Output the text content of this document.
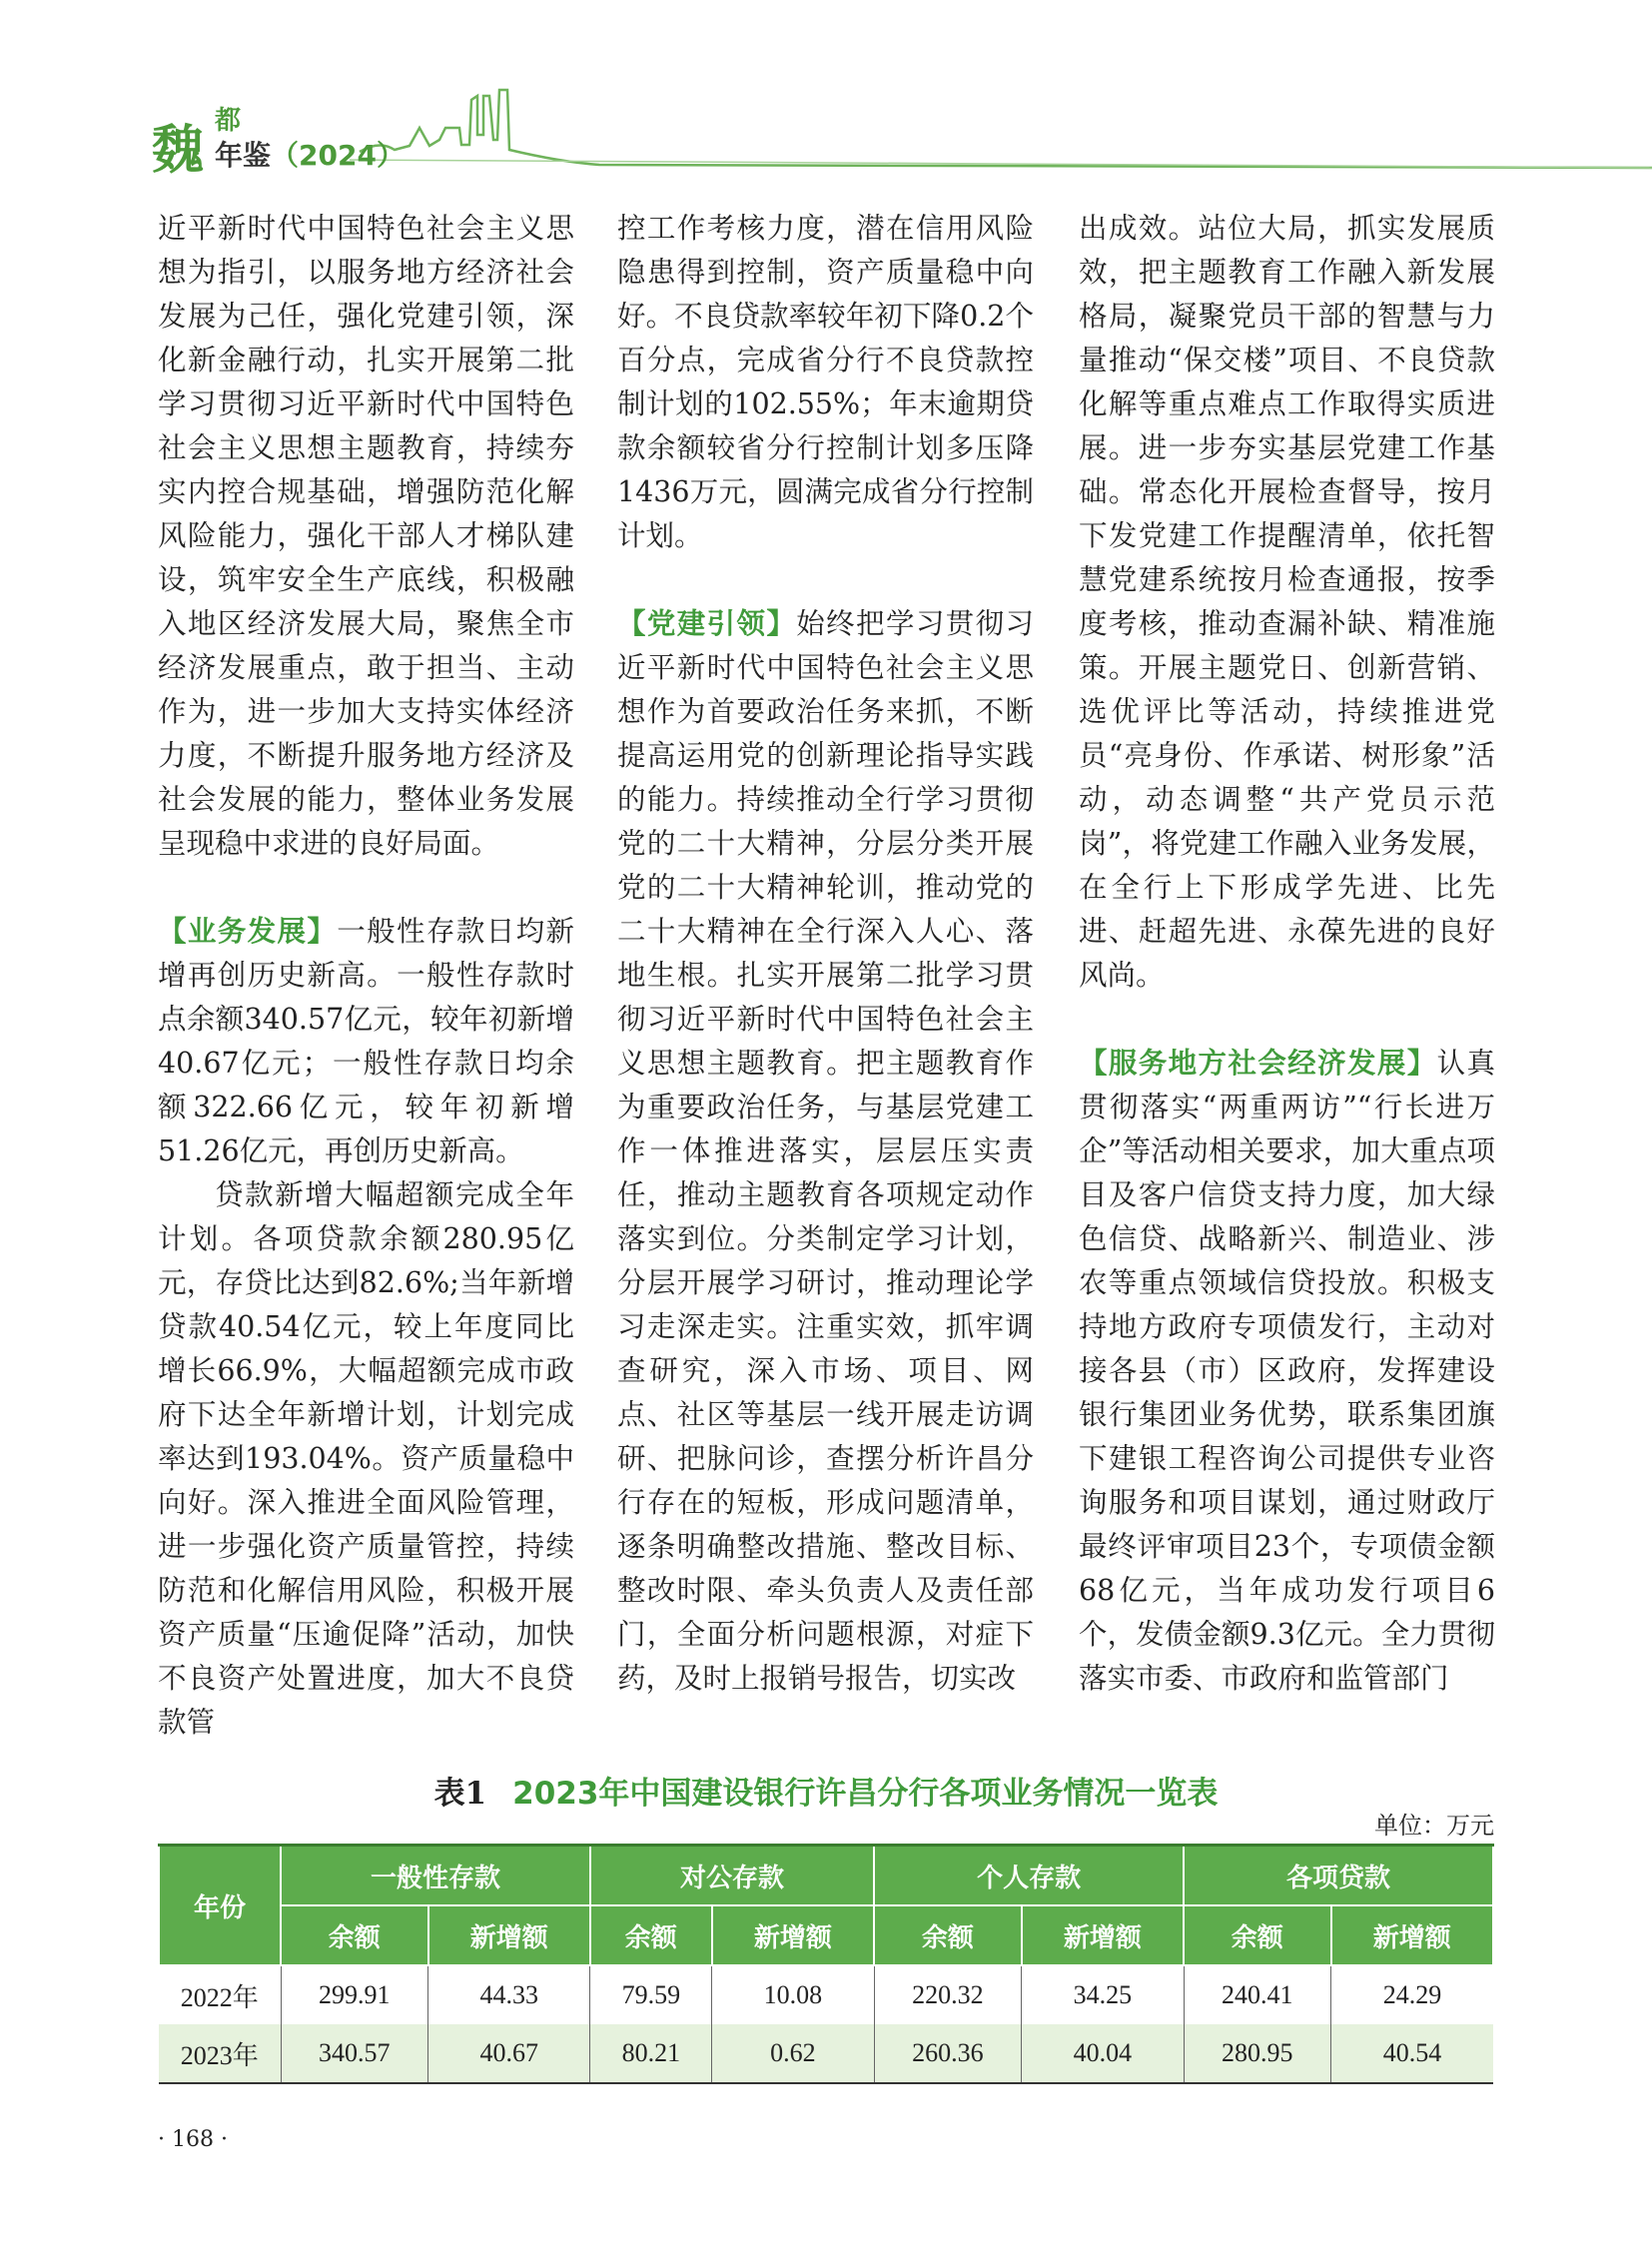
魏 都
年鉴（2024）

近平新时代中国特色社会主义思想为指引，以服务地方经济社会发展为己任，强化党建引领，深化新金融行动，扎实开展第二批学习贯彻习近平新时代中国特色社会主义思想主题教育，持续夯实内控合规基础，增强防范化解风险能力，强化干部人才梯队建设，筑牢安全生产底线，积极融入地区经济发展大局，聚焦全市经济发展重点，敢于担当、主动作为，进一步加大支持实体经济力度，不断提升服务地方经济及社会发展的能力，整体业务发展呈现稳中求进的良好局面。

【业务发展】一般性存款日均新增再创历史新高。一般性存款时点余额340.57亿元，较年初新增40.67亿元；一般性存款日均余额322.66亿元，较年初新增51.26亿元，再创历史新高。

贷款新增大幅超额完成全年计划。各项贷款余额280.95亿元，存贷比达到82.6%;当年新增贷款40.54亿元，较上年度同比增长66.9%，大幅超额完成市政府下达全年新增计划，计划完成率达到193.04%。资产质量稳中向好。深入推进全面风险管理，进一步强化资产质量管控，持续防范和化解信用风险，积极开展资产质量“压逾促降”活动，加快不良资产处置进度，加大不良贷款管

控工作考核力度，潜在信用风险隐患得到控制，资产质量稳中向好。不良贷款率较年初下降0.2个百分点，完成省分行不良贷款控制计划的102.55%；年末逾期贷款余额较省分行控制计划多压降1436万元，圆满完成省分行控制计划。

【党建引领】始终把学习贯彻习近平新时代中国特色社会主义思想作为首要政治任务来抓，不断提高运用党的创新理论指导实践的能力。持续推动全行学习贯彻党的二十大精神，分层分类开展党的二十大精神轮训，推动党的二十大精神在全行深入人心、落地生根。扎实开展第二批学习贯彻习近平新时代中国特色社会主义思想主题教育。把主题教育作为重要政治任务，与基层党建工作一体推进落实，层层压实责任，推动主题教育各项规定动作落实到位。分类制定学习计划，分层开展学习研讨，推动理论学习走深走实。注重实效，抓牢调查研究，深入市场、项目、网点、社区等基层一线开展走访调研、把脉问诊，查摆分析许昌分行存在的短板，形成问题清单，逐条明确整改措施、整改目标、整改时限、牵头负责人及责任部门，全面分析问题根源，对症下药，及时上报销号报告，切实改

出成效。站位大局，抓实发展质效，把主题教育工作融入新发展格局，凝聚党员干部的智慧与力量推动“保交楼”项目、不良贷款化解等重点难点工作取得实质进展。进一步夯实基层党建工作基础。常态化开展检查督导，按月下发党建工作提醒清单，依托智慧党建系统按月检查通报，按季度考核，推动查漏补缺、精准施策。开展主题党日、创新营销、选优评比等活动，持续推进党员“亮身份、作承诺、树形象”活动，动态调整“共产党员示范岗”，将党建工作融入业务发展，在全行上下形成学先进、比先进、赶超先进、永葆先进的良好风尚。

【服务地方社会经济发展】认真贯彻落实“两重两访”“行长进万企”等活动相关要求，加大重点项目及客户信贷支持力度，加大绿色信贷、战略新兴、制造业、涉农等重点领域信贷投放。积极支持地方政府专项债发行，主动对接各县（市）区政府，发挥建设银行集团业务优势，联系集团旗下建银工程咨询公司提供专业咨询服务和项目谋划，通过财政厅最终评审项目23个，专项债金额68亿元，当年成功发行项目6个，发债金额9.3亿元。全力贯彻落实市委、市政府和监管部门

表1 2023年中国建设银行许昌分行各项业务情况一览表
单位：万元
年份	一般性存款		对公存款		个人存款		各项贷款	
	余额	新增额	余额	新增额	余额	新增额	余额	新增额
2022年	299.91	44.33	79.59	10.08	220.32	34.25	240.41	24.29
2023年	340.57	40.67	80.21	0.62	260.36	40.04	280.95	40.54
· 168 ·
